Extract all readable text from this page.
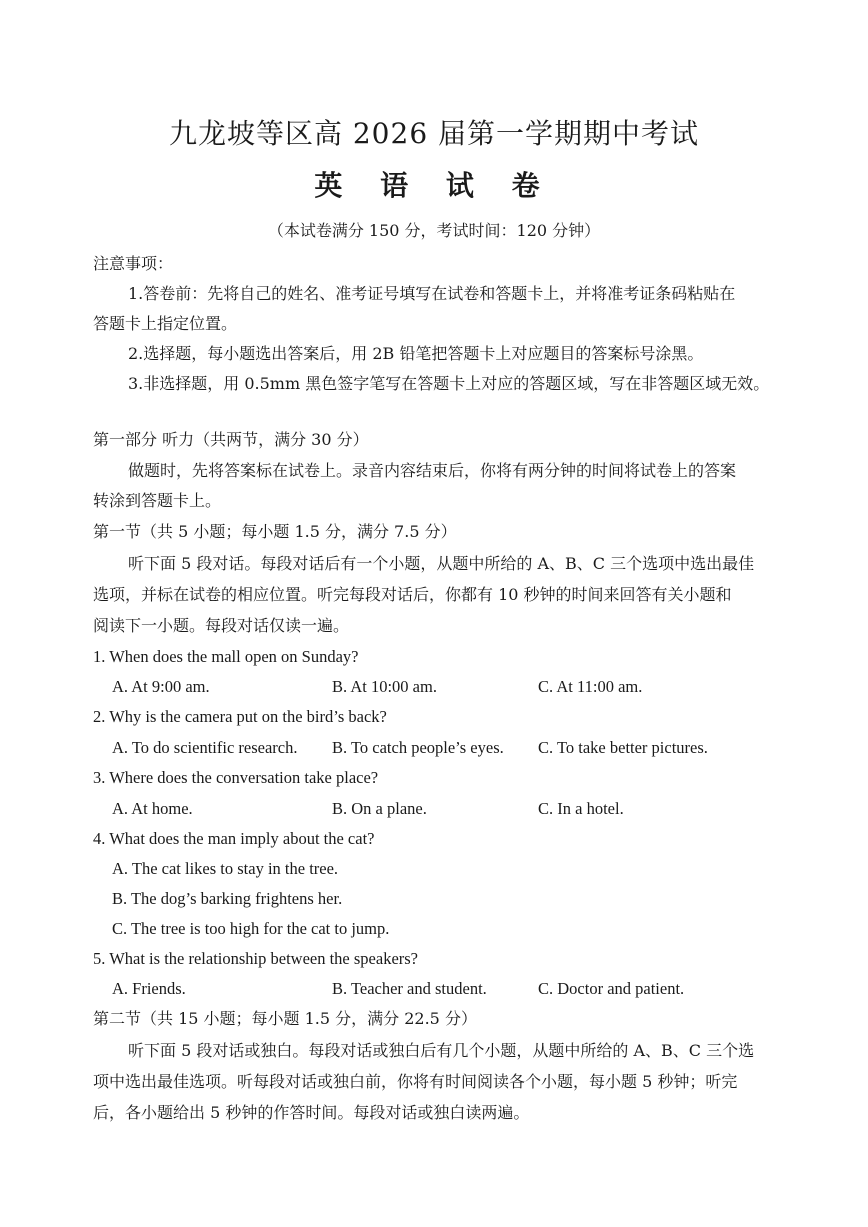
九龙坡等区高 2026 届第一学期期中考试
英 语 试 卷
（本试卷满分 150 分，考试时间：120 分钟）
注意事项：
1.答卷前：先将自己的姓名、准考证号填写在试卷和答题卡上，并将准考证条码粘贴在
答题卡上指定位置。
2.选择题，每小题选出答案后，用 2B 铅笔把答题卡上对应题目的答案标号涂黑。
3.非选择题，用 0.5mm 黑色签字笔写在答题卡上对应的答题区域，写在非答题区域无效。
第一部分 听力（共两节，满分 30 分）
做题时，先将答案标在试卷上。录音内容结束后，你将有两分钟的时间将试卷上的答案
转涂到答题卡上。
第一节（共 5 小题；每小题 1.5 分，满分 7.5 分）
听下面 5 段对话。每段对话后有一个小题，从题中所给的 A、B、C 三个选项中选出最佳
选项，并标在试卷的相应位置。听完每段对话后，你都有 10 秒钟的时间来回答有关小题和
阅读下一小题。每段对话仅读一遍。
1. When does the mall open on Sunday?
A. At 9:00 am.	B. At 10:00 am.	C. At 11:00 am.
2. Why is the camera put on the bird’s back?
A. To do scientific research. B. To catch people’s eyes. C. To take better pictures.
3. Where does the conversation take place?
A. At home.	B. On a plane.	C. In a hotel.
4. What does the man imply about the cat?
A. The cat likes to stay in the tree.
B. The dog’s barking frightens her.
C. The tree is too high for the cat to jump.
5. What is the relationship between the speakers?
A. Friends.	B. Teacher and student.	C. Doctor and patient.
第二节（共 15 小题；每小题 1.5 分，满分 22.5 分）
听下面 5 段对话或独白。每段对话或独白后有几个小题，从题中所给的 A、B、C 三个选
项中选出最佳选项。听每段对话或独白前，你将有时间阅读各个小题，每小题 5 秒钟；听完
后，各小题给出 5 秒钟的作答时间。每段对话或独白读两遍。
